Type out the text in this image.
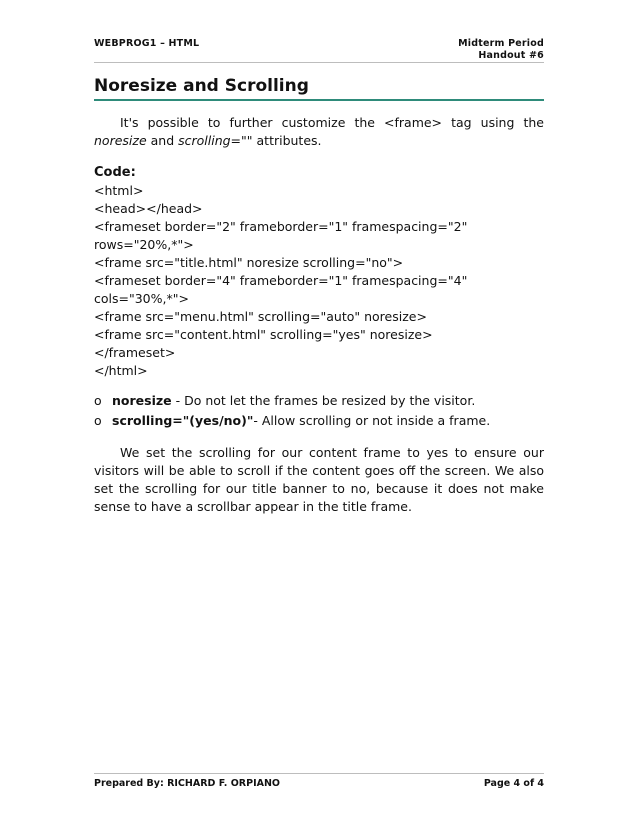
WEBPROG1 – HTML	Midterm Period
Handout #6
Noresize and Scrolling

It's possible to further customize the <frame> tag using the noresize and scrolling="" attributes.

Code:

<html>

<head></head>

<frameset border="2" frameborder="1" framespacing="2"

rows="20%,*">

<frame src="title.html" noresize scrolling="no">

<frameset border="4" frameborder="1" framespacing="4"

cols="30%,*">

<frame src="menu.html" scrolling="auto" noresize>

<frame src="content.html" scrolling="yes" noresize>

</frameset>

</html>

o noresize - Do not let the frames be resized by the visitor.
o scrolling="(yes/no)"- Allow scrolling or not inside a frame.

We set the scrolling for our content frame to yes to ensure our visitors will be able to scroll if the content goes off the screen. We also set the scrolling for our title banner to no, because it does not make sense to have a scrollbar appear in the title frame.

Prepared By: RICHARD F. ORPIANO	Page 4 of 4
